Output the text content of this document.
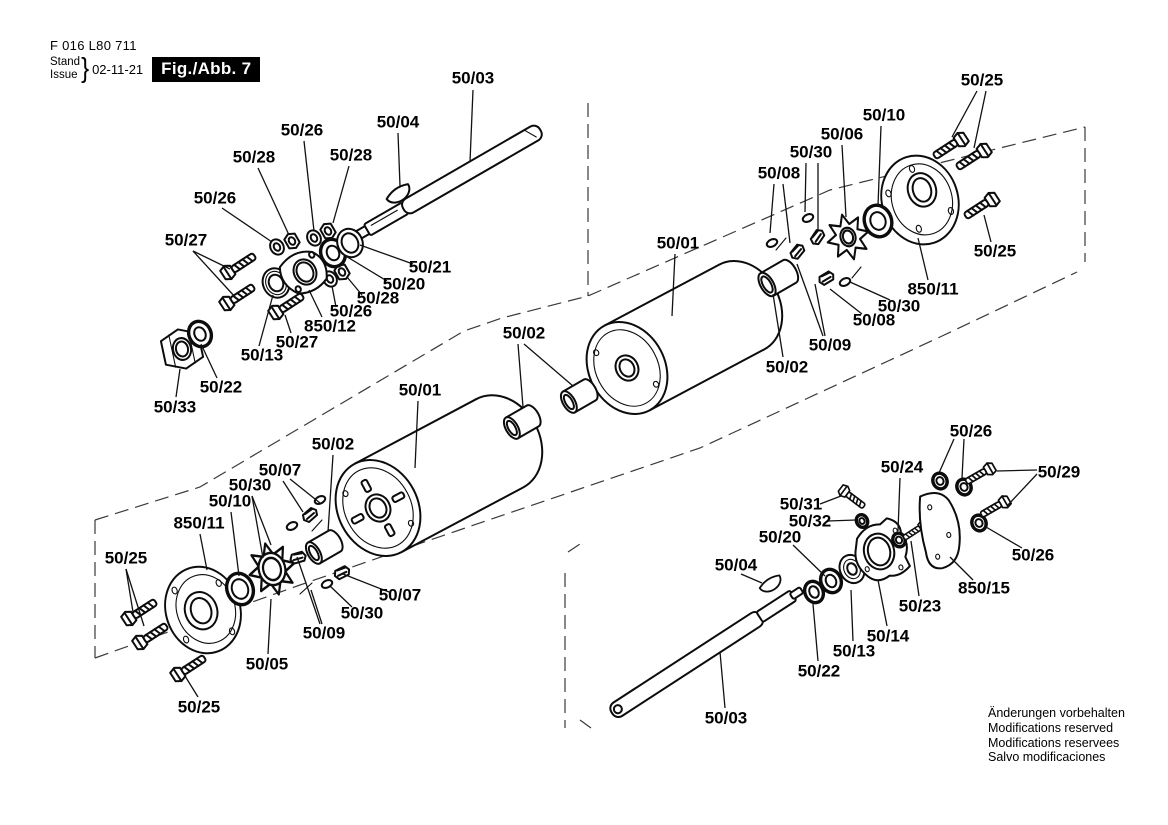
F 016 L80 711
Stand
Issue } 02-11-21	Fig./Abb. 7
50/03
50/04
50/26
50/28	50/28
50/26
50/27
50/21
50/20
50/28
50/26
850/12
50/27
50/13
50/22
50/33
50/02
50/01
50/01
50/02
50/09
50/08
50/30
50/06
50/10
850/11
50/25
50/25
50/30
50/08
50/02
50/07
50/30
50/10
850/11
50/25
50/07
50/30
50/09
50/05
50/25
50/26
50/24	50/29
50/31
50/32
50/20
50/04
50/23
850/15
50/26
50/14
50/13
50/22
50/03	Änderungen vorbehalten
Modifications reserved
Modifications reservees
Salvo modificaciones
